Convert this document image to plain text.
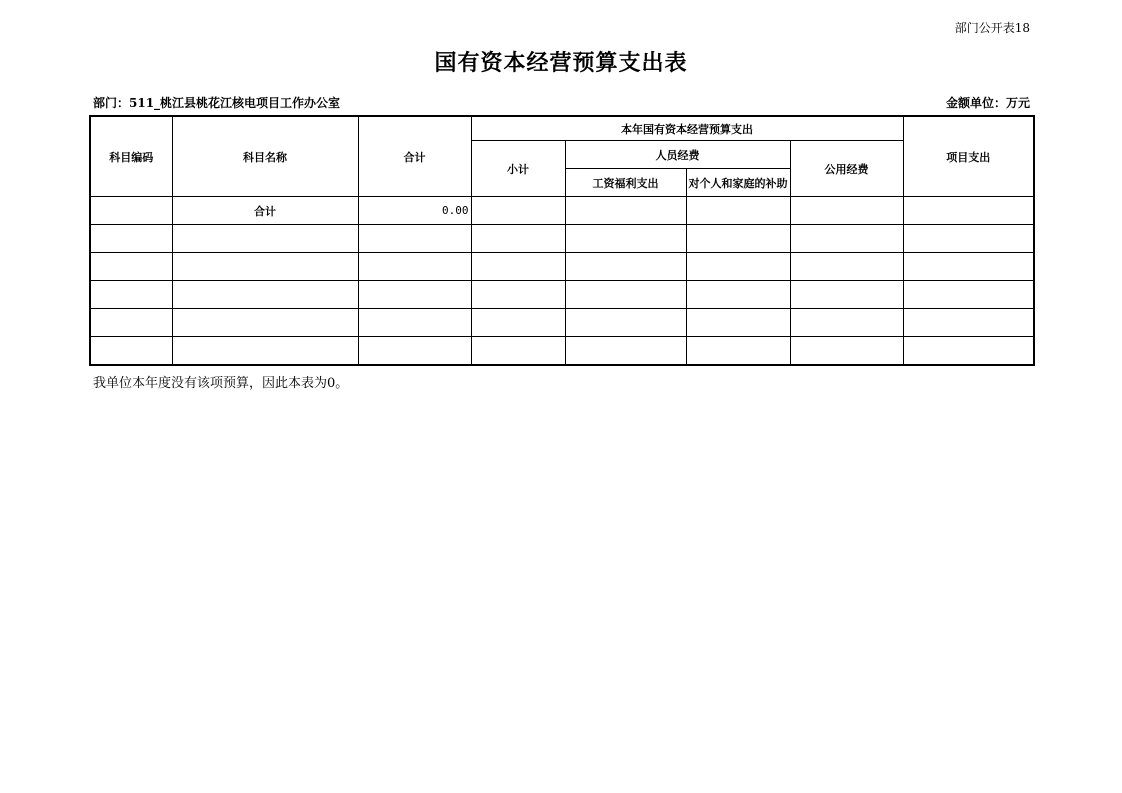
部门公开表18
国有资本经营预算支出表
部门：511_桃江县桃花江核电项目工作办公室	金额单位：万元
科目编码	科目名称	合计	本年国有资本经营预算支出				项目支出
			小计	人员经费		公用经费	
				工资福利支出	对个人和家庭的补助		
	合计	0.00					

我单位本年度没有该项预算，因此本表为0。
